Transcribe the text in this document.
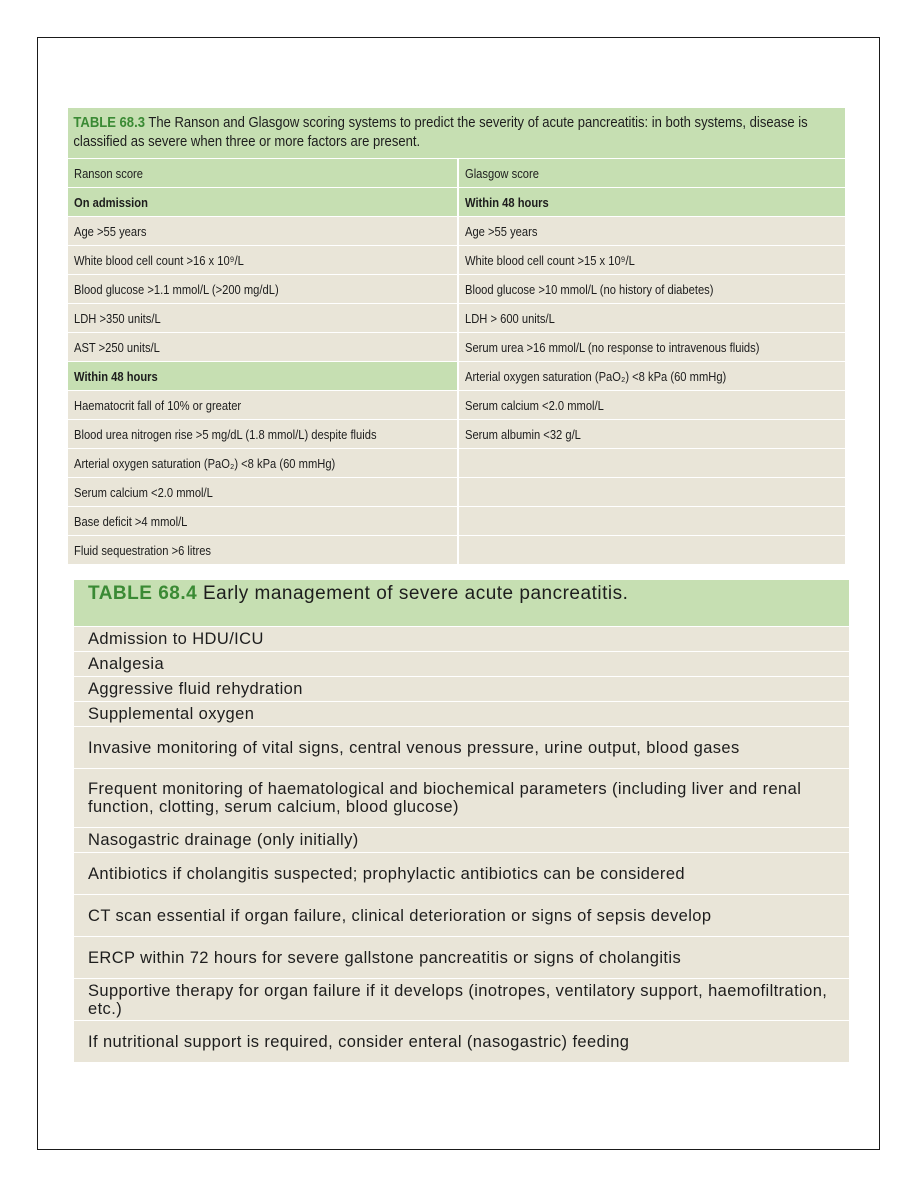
TABLE 68.3 The Ranson and Glasgow scoring systems to predict the severity of acute pancreatitis: in both systems, disease is classified as severe when three or more factors are present.
Ranson score	Glasgow score
On admission	Within 48 hours
Age >55 years	Age >55 years
White blood cell count >16 x 10⁹/L	White blood cell count >15 x 10⁹/L
Blood glucose >1.1 mmol/L (>200 mg/dL)	Blood glucose >10 mmol/L (no history of diabetes)
LDH >350 units/L	LDH > 600 units/L
AST >250 units/L	Serum urea >16 mmol/L (no response to intravenous fluids)
Within 48 hours	Arterial oxygen saturation (PaO₂) <8 kPa (60 mmHg)
Haematocrit fall of 10% or greater	Serum calcium <2.0 mmol/L
Blood urea nitrogen rise >5 mg/dL (1.8 mmol/L) despite fluids	Serum albumin <32 g/L
Arterial oxygen saturation (PaO₂) <8 kPa (60 mmHg)
Serum calcium <2.0 mmol/L
Base deficit >4 mmol/L
Fluid sequestration >6 litres
TABLE 68.4 Early management of severe acute pancreatitis.
Admission to HDU/ICU
Analgesia
Aggressive fluid rehydration
Supplemental oxygen
Invasive monitoring of vital signs, central venous pressure, urine output, blood gases
Frequent monitoring of haematological and biochemical parameters (including liver and renal function, clotting, serum calcium, blood glucose)
Nasogastric drainage (only initially)
Antibiotics if cholangitis suspected; prophylactic antibiotics can be considered
CT scan essential if organ failure, clinical deterioration or signs of sepsis develop
ERCP within 72 hours for severe gallstone pancreatitis or signs of cholangitis
Supportive therapy for organ failure if it develops (inotropes, ventilatory support, haemofiltration, etc.)
If nutritional support is required, consider enteral (nasogastric) feeding
